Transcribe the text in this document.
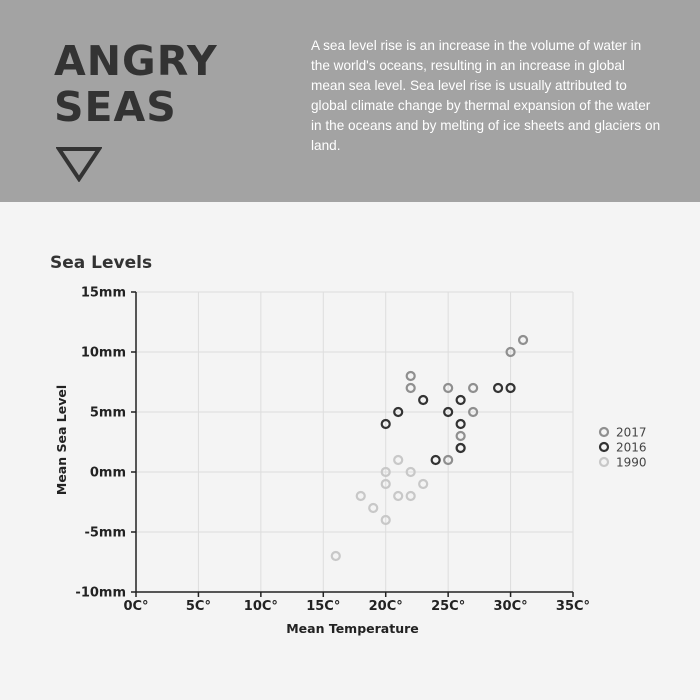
ANGRY
SEAS
A sea level rise is an increase in the volume of water in the world's oceans, resulting in an increase in global mean sea level. Sea level rise is usually attributed to global climate change by thermal expansion of the water in the oceans and by melting of ice sheets and glaciers on land.
Sea Levels
0C°	5C°	10C° 15C° 20C° 25C° 30C° 35C°
15mm
10mm
5mm
0mm
-5mm
-10mm
Mean Temperature
Mean Sea Level	2017
2016
1990
